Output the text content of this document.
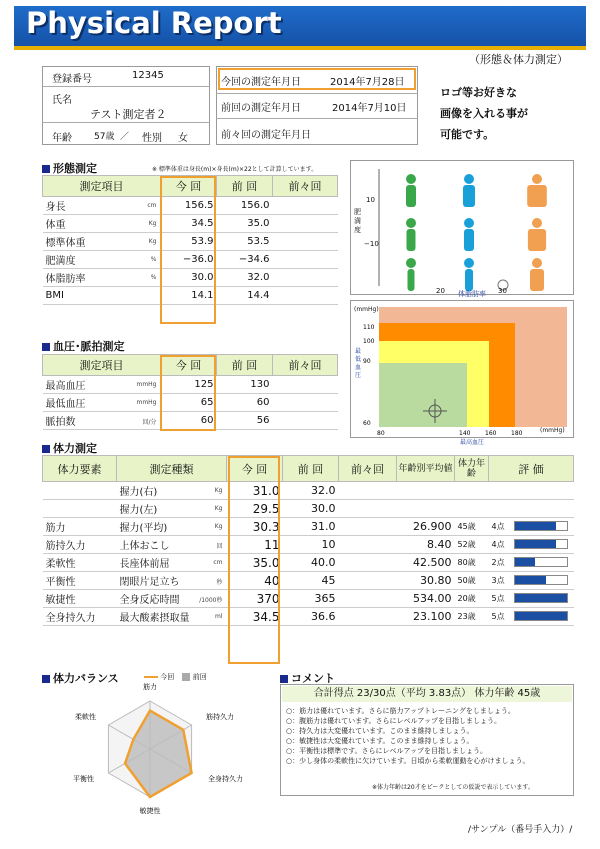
Physical Report
（形態＆体力測定）
登録番号	12345
氏名
テスト測定者２
年齢 57歳 ／ 性別 女
今回の測定年月日	2014年7月28日
前回の測定年月日	2014年7月10日
前々回の測定年月日
ロゴ等お好きな
画像を入れる事が
可能です。
形態測定	※ 標準体重は身長(m)×身長(m)×22として計算しています。
測定項目	今 回	前 回	前々回
身長 cm	156.5	156.0	
体重 Kg	34.5	35.0	
標準体重 Kg	53.9	53.5	
肥満度 %	−36.0	−34.6	
体脂肪率 %	30.0	32.0	
BMI	14.1	14.4	
肥満度
10
−10
20	30
体脂肪率
110
100
90
60
80	140 160 180
(mmHg)
(mmHg)
最低血圧
最高血圧
血圧･脈拍測定
測定項目	今 回	前 回	前々回
最高血圧 mmHg	125	130	
最低血圧 mmHg	65	60	
脈拍数 回/分	60	56	
体力測定
体力要素	測定種類	今 回	前 回	前々回	年齢別平均値	体力年齢	評 価
	握力(右) Kg	31.0	32.0				
	握力(左) Kg	29.5	30.0				
筋力	握力(平均) Kg	30.3	31.0		26.900	45歳	4点

筋持久力	上体おこし 回	11	10		8.40	52歳	4点

柔軟性	長座体前屈 cm	35.0	40.0		42.500	80歳	2点

平衡性	閉眼片足立ち 秒	40	45		30.80	50歳	3点

敏捷性	全身反応時間 /1000秒	370	365		534.00	20歳	5点

全身持久力	最大酸素摂取量 ml	34.5	36.6		23.100	23歳	5点
体力バランス	今回	前回
筋力
筋持久力
全身持久力
敏捷性
平衡性
柔軟性
コメント
合計得点 23/30点（平均 3.83点） 体力年齢 45歳
○：筋力は優れています。さらに筋力アップトレーニングをしましょう。
○：腹筋力は優れています。さらにレベルアップを目指しましょう。
○：持久力は大変優れています。このまま維持しましょう。
○：敏捷性は大変優れています。このまま維持しましょう。
○：平衡性は標準です。さらにレベルアップを目指しましょう。
○：少し身体の柔軟性に欠けています。日頃から柔軟運動を心がけましょう。
※体力年齢は20才をピークとしての仮説で表示しています。
/サンプル（番号手入力）/
